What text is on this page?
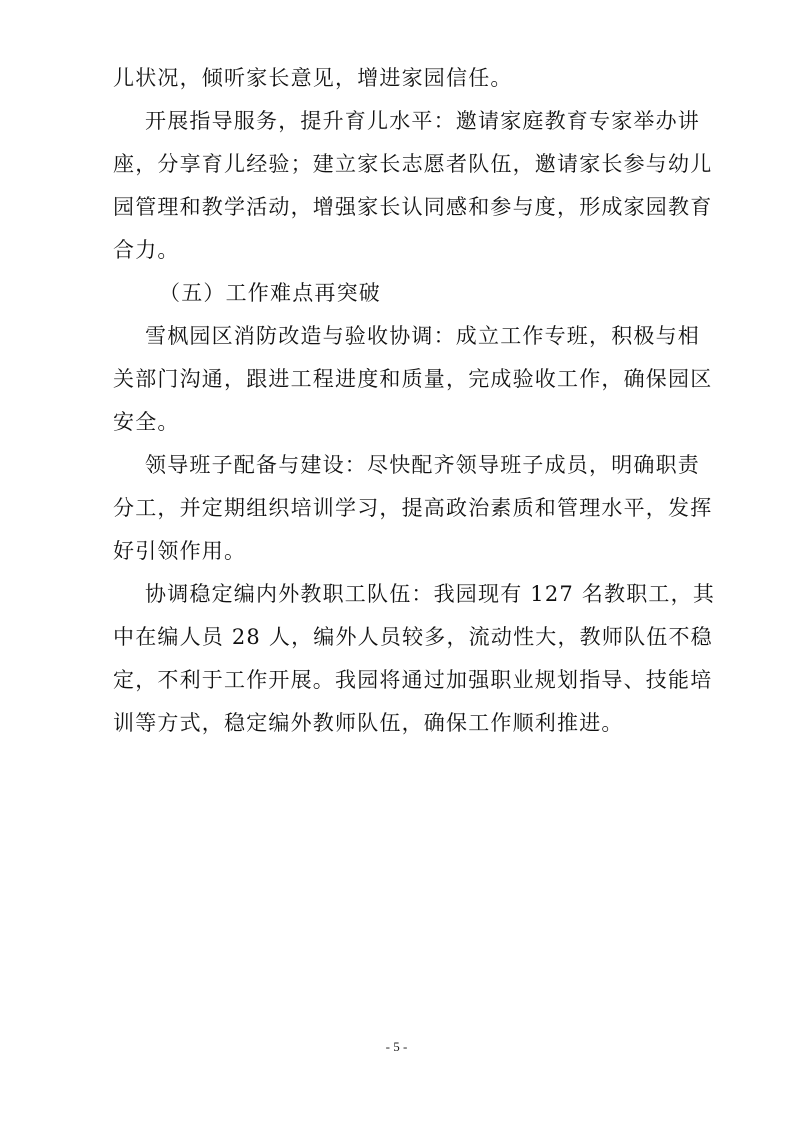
儿状况，倾听家长意见，增进家园信任。
开展指导服务，提升育儿水平：邀请家庭教育专家举办讲
座，分享育儿经验；建立家长志愿者队伍，邀请家长参与幼儿
园管理和教学活动，增强家长认同感和参与度，形成家园教育
合力。
（五）工作难点再突破
雪枫园区消防改造与验收协调：成立工作专班，积极与相
关部门沟通，跟进工程进度和质量，完成验收工作，确保园区
安全。
领导班子配备与建设：尽快配齐领导班子成员，明确职责
分工，并定期组织培训学习，提高政治素质和管理水平，发挥
好引领作用。
协调稳定编内外教职工队伍：我园现有 127 名教职工，其
中在编人员 28 人，编外人员较多，流动性大，教师队伍不稳
定，不利于工作开展。我园将通过加强职业规划指导、技能培
训等方式，稳定编外教师队伍，确保工作顺利推进。
- 5 -
